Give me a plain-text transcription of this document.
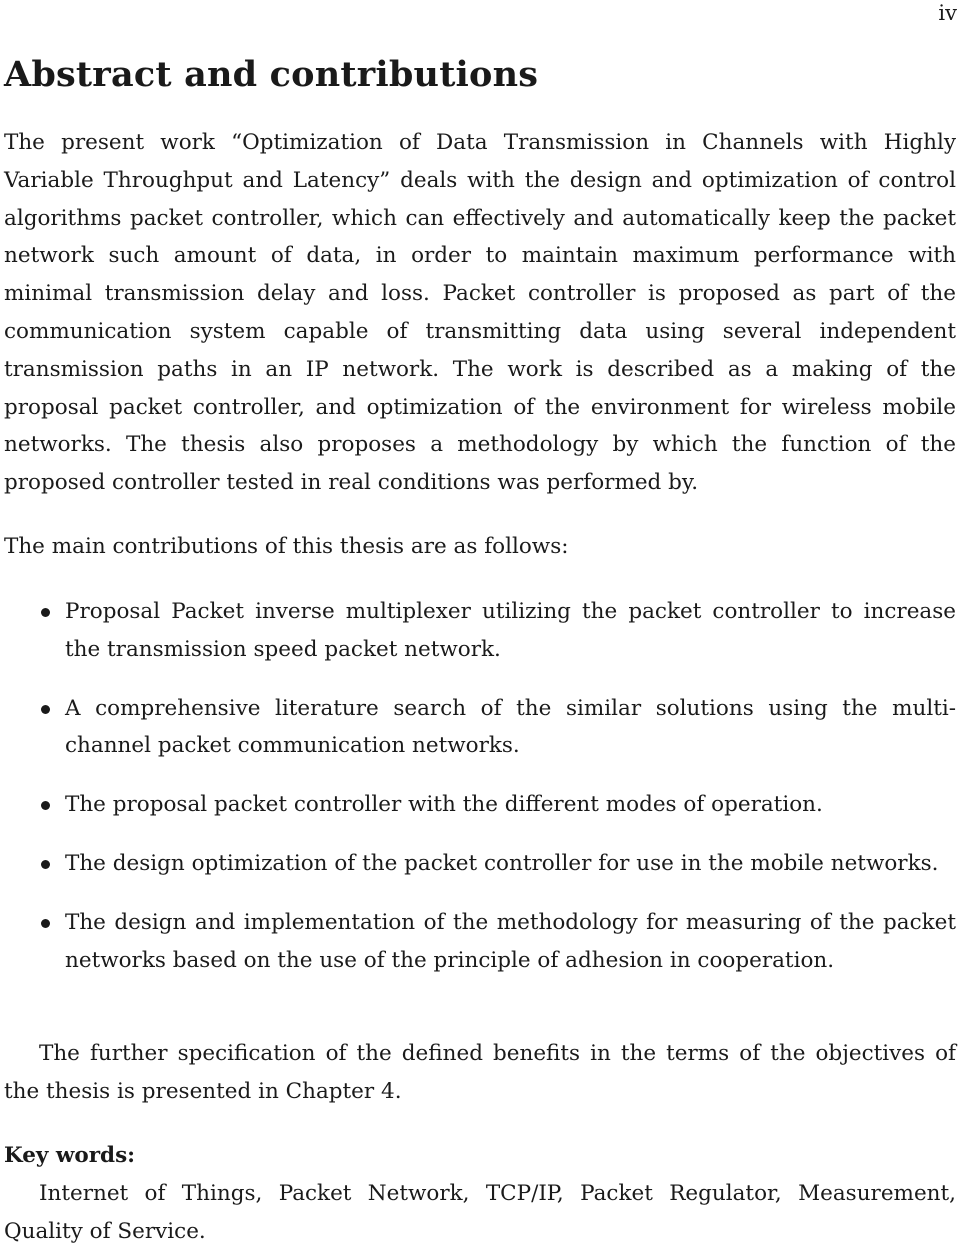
iv

Abstract and contributions

The present work “Optimization of Data Transmission in Channels with Highly Variable Throughput and Latency” deals with the design and optimization of control algorithms packet controller, which can effectively and automatically keep the packet network such amount of data, in order to maintain maximum performance with minimal transmission delay and loss. Packet controller is proposed as part of the communication system capable of transmitting data using several independent transmission paths in an IP network. The work is described as a making of the proposal packet controller, and optimization of the environment for wireless mobile networks. The thesis also proposes a methodology by which the function of the proposed controller tested in real conditions was performed by.

The main contributions of this thesis are as follows:

Proposal Packet inverse multiplexer utilizing the packet controller to increase the transmission speed packet network.
A comprehensive literature search of the similar solutions using the multi-channel packet communication networks.
The proposal packet controller with the different modes of operation.
The design optimization of the packet controller for use in the mobile networks.
The design and implementation of the methodology for measuring of the packet networks based on the use of the principle of adhesion in cooperation.

The further specification of the defined benefits in the terms of the objectives of the thesis is presented in Chapter 4.

Key words:

Internet of Things, Packet Network, TCP/IP, Packet Regulator, Measurement, Quality of Service.
